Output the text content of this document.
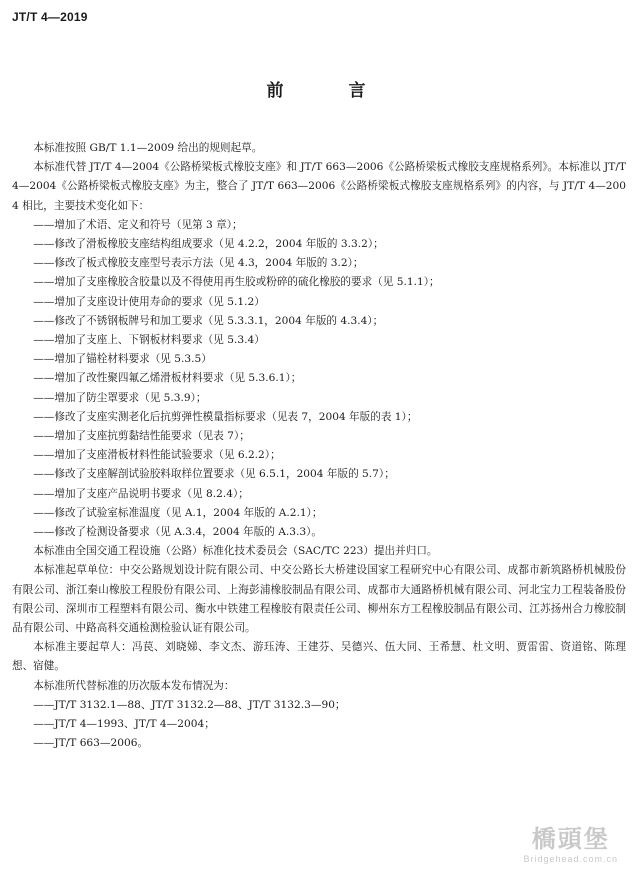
JT/T 4—2019
前　言

本标准按照 GB/T 1.1—2009 给出的规则起草。

本标准代替 JT/T 4—2004《公路桥梁板式橡胶支座》和 JT/T 663—2006《公路桥梁板式橡胶支座规格系列》。本标准以 JT/T 4—2004《公路桥梁板式橡胶支座》为主，整合了 JT/T 663—2006《公路桥梁板式橡胶支座规格系列》的内容，与 JT/T 4—2004 相比，主要技术变化如下：

——增加了术语、定义和符号（见第 3 章）；

——修改了滑板橡胶支座结构组成要求（见 4.2.2，2004 年版的 3.3.2）；

——修改了板式橡胶支座型号表示方法（见 4.3，2004 年版的 3.2）；

——增加了支座橡胶含胶量以及不得使用再生胶或粉碎的硫化橡胶的要求（见 5.1.1）；

——增加了支座设计使用寿命的要求（见 5.1.2）

——修改了不锈钢板牌号和加工要求（见 5.3.3.1，2004 年版的 4.3.4）；

——增加了支座上、下钢板材料要求（见 5.3.4）

——增加了锚栓材料要求（见 5.3.5）

——增加了改性聚四氟乙烯滑板材料要求（见 5.3.6.1）；

——增加了防尘罩要求（见 5.3.9）；

——修改了支座实测老化后抗剪弹性模量指标要求（见表 7，2004 年版的表 1）；

——增加了支座抗剪黏结性能要求（见表 7）；

——增加了支座滑板材料性能试验要求（见 6.2.2）；

——修改了支座解剖试验胶料取样位置要求（见 6.5.1，2004 年版的 5.7）；

——增加了支座产品说明书要求（见 8.2.4）；

——修改了试验室标准温度（见 A.1，2004 年版的 A.2.1）；

——修改了检测设备要求（见 A.3.4，2004 年版的 A.3.3）。

本标准由全国交通工程设施（公路）标准化技术委员会（SAC/TC 223）提出并归口。

本标准起草单位：中交公路规划设计院有限公司、中交公路长大桥建设国家工程研究中心有限公司、成都市新筑路桥机械股份有限公司、浙江秦山橡胶工程股份有限公司、上海彭浦橡胶制品有限公司、成都市大通路桥机械有限公司、河北宝力工程装备股份有限公司、深圳市工程塑料有限公司、衡水中铁建工程橡胶有限责任公司、柳州东方工程橡胶制品有限公司、江苏扬州合力橡胶制品有限公司、中路高科交通检测检验认证有限公司。

本标准主要起草人：冯苠、刘晓娣、李文杰、游珏涛、王建芬、吴德兴、伍大同、王希慧、杜文明、贾雷雷、资道铭、陈理想、宿健。

本标准所代替标准的历次版本发布情况为：

——JT/T 3132.1—88、JT/T 3132.2—88、JT/T 3132.3—90；

——JT/T 4—1993、JT/T 4—2004；

——JT/T 663—2006。

橋頭堡
Bridgehead.com.cn
